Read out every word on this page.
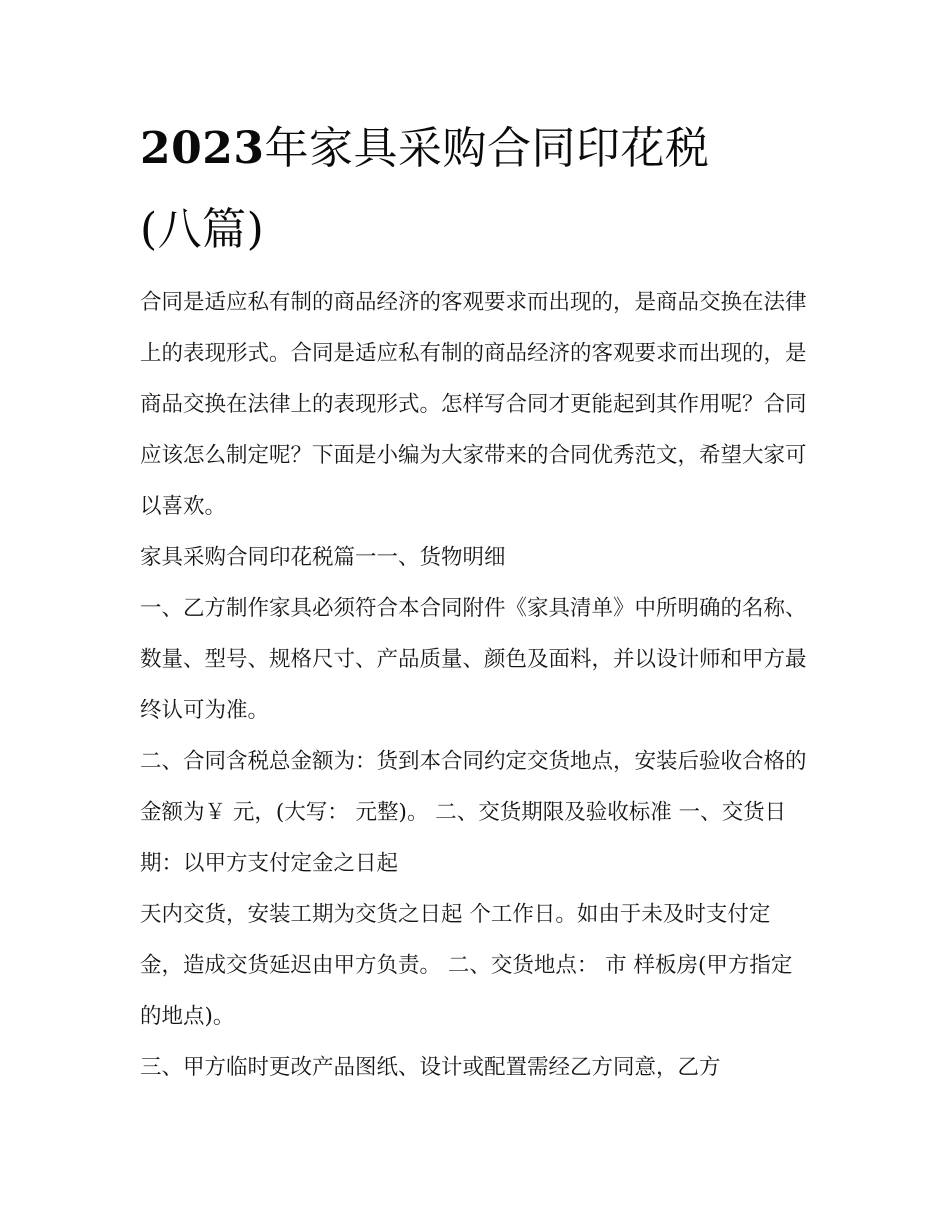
2023年家具采购合同印花税
(八篇)

合同是适应私有制的商品经济的客观要求而出现的，是商品交换在法律上的表现形式。合同是适应私有制的商品经济的客观要求而出现的，是商品交换在法律上的表现形式。怎样写合同才更能起到其作用呢？合同应该怎么制定呢？下面是小编为大家带来的合同优秀范文，希望大家可以喜欢。

家具采购合同印花税篇一一、货物明细

一、乙方制作家具必须符合本合同附件《家具清单》中所明确的名称、数量、型号、规格尺寸、产品质量、颜色及面料，并以设计师和甲方最终认可为准。

二、合同含税总金额为：货到本合同约定交货地点，安装后验收合格的金额为￥ 元，(大写： 元整)。 二、交货期限及验收标准 一、交货日期：以甲方支付定金之日起

天内交货，安装工期为交货之日起 个工作日。如由于未及时支付定金，造成交货延迟由甲方负责。 二、交货地点： 市 样板房(甲方指定的地点)。

三、甲方临时更改产品图纸、设计或配置需经乙方同意，乙方
